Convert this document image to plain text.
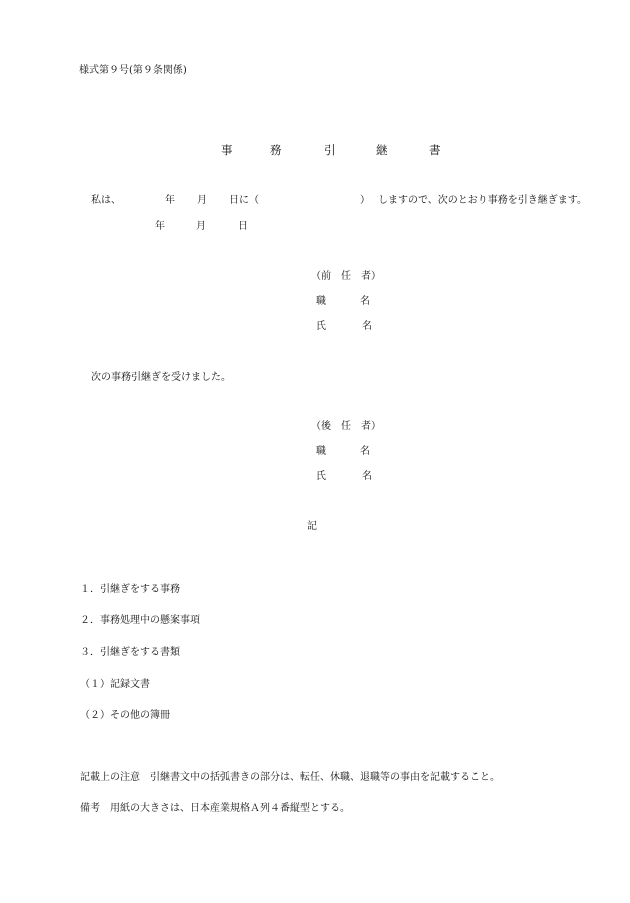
様式第９号(第９条関係)
事	務	引	継	書
私は、	年 月 日に（	） しますので、次のとおり事務を引き継ぎます。
年	月	日
（前　任　者）
職	名
氏	名
次の事務引継ぎを受けました。
（後　任　者）
職	名
氏	名
記
１．引継ぎをする事務
２．事務処理中の懸案事項
３．引継ぎをする書類
（１）記録文書
（２）その他の簿冊
記載上の注意　引継書文中の括弧書きの部分は、転任、休職、退職等の事由を記載すること。
備考　用紙の大きさは、日本産業規格Ａ列４番縦型とする。
